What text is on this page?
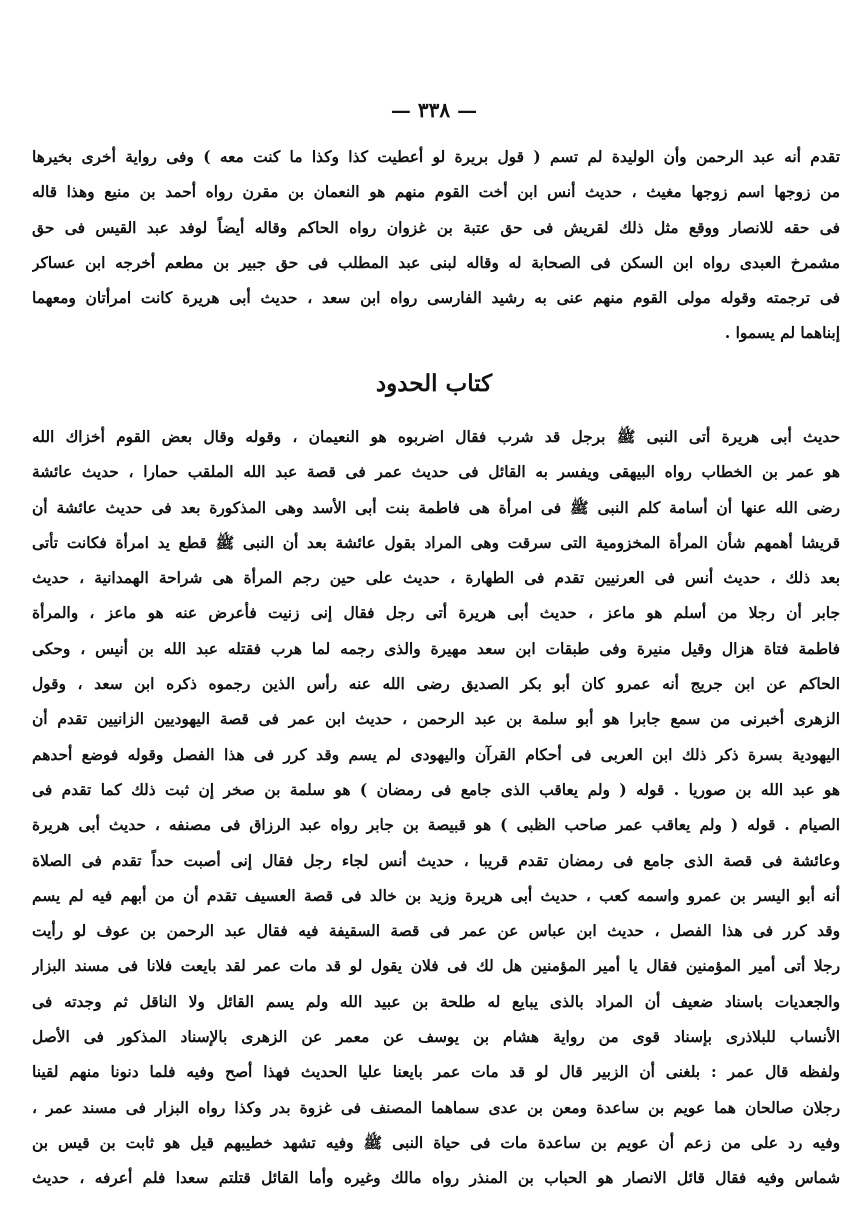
— ٣٣٨ —
تقدم أنه عبد الرحمن وأن الوليدة لم تسم ( قول بريرة لو أعطيت كذا وكذا ما كنت معه ) وفى رواية أخرى بخيرها
من زوجها اسم زوجها مغيث ، حديث أنس ابن أخت القوم منهم هو النعمان بن مقرن رواه أحمد بن منيع وهذا قاله
فى حقه للانصار ووقع مثل ذلك لقريش فى حق عتبة بن غزوان رواه الحاكم وقاله أيضاً لوفد عبد القيس فى حق
مشمرخ العبدى رواه ابن السكن فى الصحابة له وقاله لبنى عبد المطلب فى حق جبير بن مطعم أخرجه ابن عساكر
فى ترجمته وقوله مولى القوم منهم عنى به رشيد الفارسى رواه ابن سعد ، حديث أبى هريرة كانت امرأتان ومعهما
إبناهما لم يسموا .
كتاب الحدود
حديث أبى هريرة أتى النبى ﷺ برجل قد شرب فقال اضربوه هو النعيمان ، وقوله وقال بعض القوم أخزاك الله
هو عمر بن الخطاب رواه البيهقى ويفسر به القائل فى حديث عمر فى قصة عبد الله الملقب حمارا ، حديث عائشة
رضى الله عنها أن أسامة كلم النبى ﷺ فى امرأة هى فاطمة بنت أبى الأسد وهى المذكورة بعد فى حديث عائشة أن
قريشا أهمهم شأن المرأة المخزومية التى سرقت وهى المراد بقول عائشة بعد أن النبى ﷺ قطع يد امرأة فكانت تأتى
بعد ذلك ، حديث أنس فى العرنيين تقدم فى الطهارة ، حديث على حين رجم المرأة هى شراحة الهمدانية ، حديث
جابر أن رجلا من أسلم هو ماعز ، حديث أبى هريرة أتى رجل فقال إنى زنيت فأعرض عنه هو ماعز ، والمرأة
فاطمة فتاة هزال وقيل منيرة وفى طبقات ابن سعد مهيرة والذى رجمه لما هرب فقتله عبد الله بن أنيس ، وحكى
الحاكم عن ابن جريج أنه عمرو كان أبو بكر الصديق رضى الله عنه رأس الذين رجموه ذكره ابن سعد ، وقول
الزهرى أخبرنى من سمع جابرا هو أبو سلمة بن عبد الرحمن ، حديث ابن عمر فى قصة اليهوديين الزانيين تقدم أن
اليهودية بسرة ذكر ذلك ابن العربى فى أحكام القرآن واليهودى لم يسم وقد كرر فى هذا الفصل وقوله فوضع أحدهم
هو عبد الله بن صوريا . قوله ( ولم يعاقب الذى جامع فى رمضان ) هو سلمة بن صخر إن ثبت ذلك كما تقدم فى
الصيام . قوله ( ولم يعاقب عمر صاحب الظبى ) هو قبيصة بن جابر رواه عبد الرزاق فى مصنفه ، حديث أبى هريرة
وعائشة فى قصة الذى جامع فى رمضان تقدم قريبا ، حديث أنس لجاء رجل فقال إنى أصبت حداً تقدم فى الصلاة
أنه أبو اليسر بن عمرو واسمه كعب ، حديث أبى هريرة وزيد بن خالد فى قصة العسيف تقدم أن من أبهم فيه لم يسم
وقد كرر فى هذا الفصل ، حديث ابن عباس عن عمر فى قصة السقيفة فيه فقال عبد الرحمن بن عوف لو رأيت
رجلا أتى أمير المؤمنين فقال يا أمير المؤمنين هل لك فى فلان يقول لو قد مات عمر لقد بايعت فلانا فى مسند البزار
والجعديات باسناد ضعيف أن المراد بالذى يبايع له طلحة بن عبيد الله ولم يسم القائل ولا الناقل ثم وجدته فى
الأنساب للبلاذرى بإسناد قوى من رواية هشام بن يوسف عن معمر عن الزهرى بالإسناد المذكور فى الأصل
ولفظه قال عمر : بلغنى أن الزبير قال لو قد مات عمر بايعنا عليا الحديث فهذا أصح وفيه فلما دنونا منهم لقينا
رجلان صالحان هما عويم بن ساعدة ومعن بن عدى سماهما المصنف فى غزوة بدر وكذا رواه البزار فى مسند عمر ،
وفيه رد على من زعم أن عويم بن ساعدة مات فى حياة النبى ﷺ وفيه تشهد خطيبهم قيل هو ثابت بن قيس بن
شماس وفيه فقال قائل الانصار هو الحباب بن المنذر رواه مالك وغيره وأما القائل قتلتم سعدا فلم أعرفه ، حديث
